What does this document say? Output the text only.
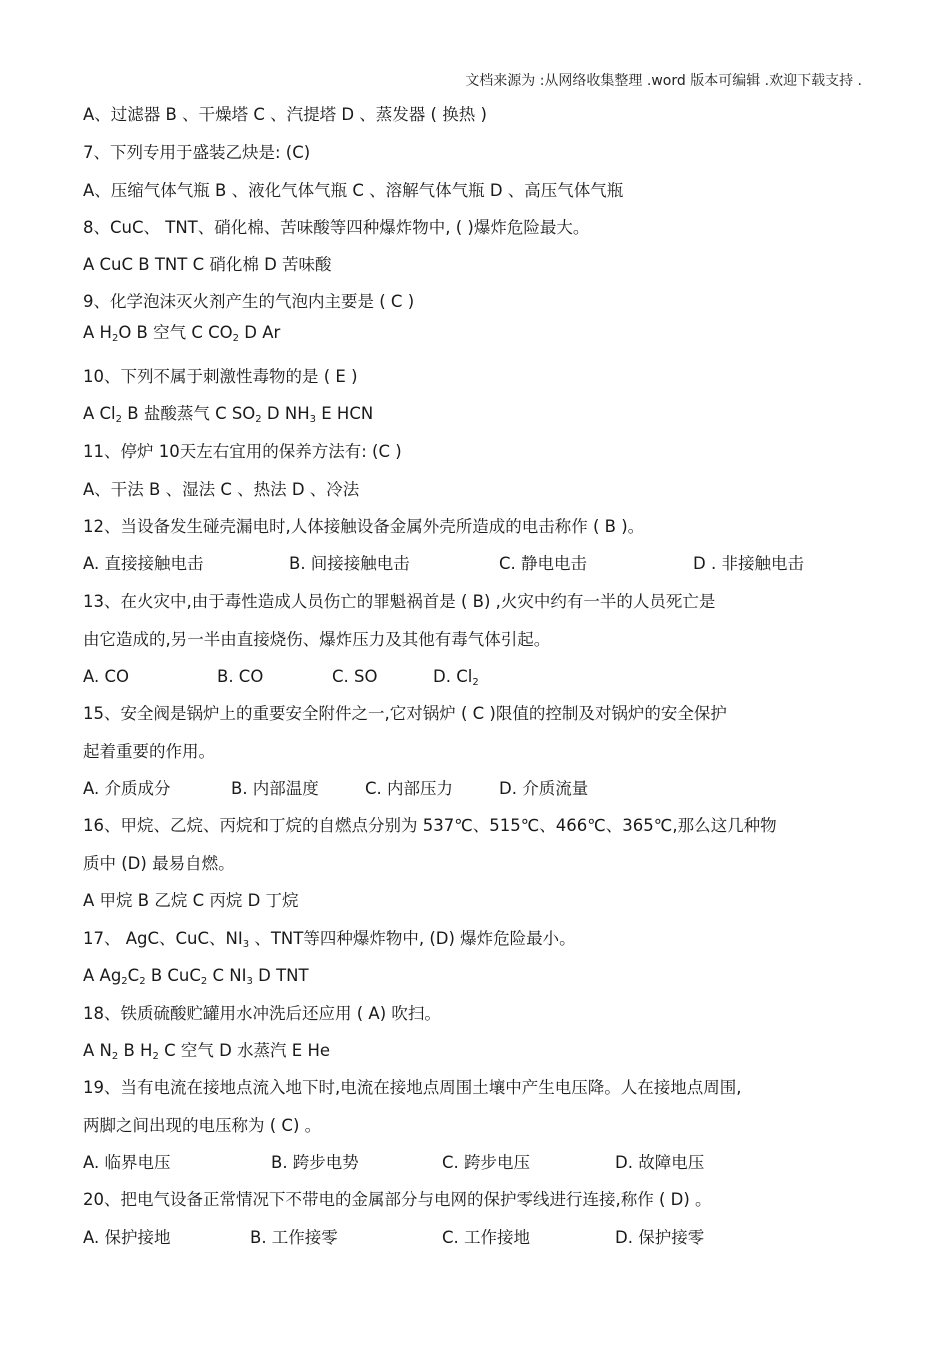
文档来源为 :从网络收集整理 .word 版本可编辑 .欢迎下载支持 .
A、过滤器 B 、干燥塔 C 、汽提塔 D 、蒸发器 ( 换热 )
7、下列专用于盛装乙炔是: (C)
A、压缩气体气瓶 B 、液化气体气瓶 C 、溶解气体气瓶 D 、高压气体气瓶
8、CuC、 TNT、硝化棉、苦味酸等四种爆炸物中, ( )爆炸危险最大。
A CuC B TNT C 硝化棉 D 苦味酸
9、化学泡沫灭火剂产生的气泡内主要是 ( C )
A $H_2O$ B 空气 C $CO_2$ D Ar
10、下列不属于刺激性毒物的是 ( E )
A $Cl_2$ B 盐酸蒸气 C $SO_2$ D $NH_3$ E HCN
11、停炉 10天左右宜用的保养方法有: (C )
A、干法 B 、湿法 C 、热法 D 、冷法
12、当设备发生碰壳漏电时,人体接触设备金属外壳所造成的电击称作 ( B )。
A. 直接接触电击	B. 间接接触电击	C. 静电电击	D . 非接触电击
13、在火灾中,由于毒性造成人员伤亡的罪魁祸首是 ( B) ,火灾中约有一半的人员死亡是
由它造成的,另一半由直接烧伤、爆炸压力及其他有毒气体引起。
A. CO	B. CO	C. SO	D. $Cl_2$
15、安全阀是锅炉上的重要安全附件之一,它对锅炉 ( C )限值的控制及对锅炉的安全保护
起着重要的作用。
A. 介质成分	B. 内部温度	C. 内部压力	D. 介质流量
16、甲烷、乙烷、丙烷和丁烷的自燃点分别为 537℃、515℃、466℃、365℃,那么这几种物
质中 (D) 最易自燃。
A 甲烷 B 乙烷 C 丙烷 D 丁烷
17、 AgC、CuC、$NI_3$ 、TNT等四种爆炸物中, (D) 爆炸危险最小。
A $Ag_2C_2$ B CuC$_2$ C $NI_3$ D TNT
18、铁质硫酸贮罐用水冲洗后还应用 ( A) 吹扫。
A $N_2$ B $H_2$ C 空气 D 水蒸汽 E He
19、当有电流在接地点流入地下时,电流在接地点周围土壤中产生电压降。人在接地点周围,
两脚之间出现的电压称为 ( C) 。
A. 临界电压	B. 跨步电势	C. 跨步电压	D. 故障电压
20、把电气设备正常情况下不带电的金属部分与电网的保护零线进行连接,称作 ( D) 。
A. 保护接地	B. 工作接零	C. 工作接地	D. 保护接零
